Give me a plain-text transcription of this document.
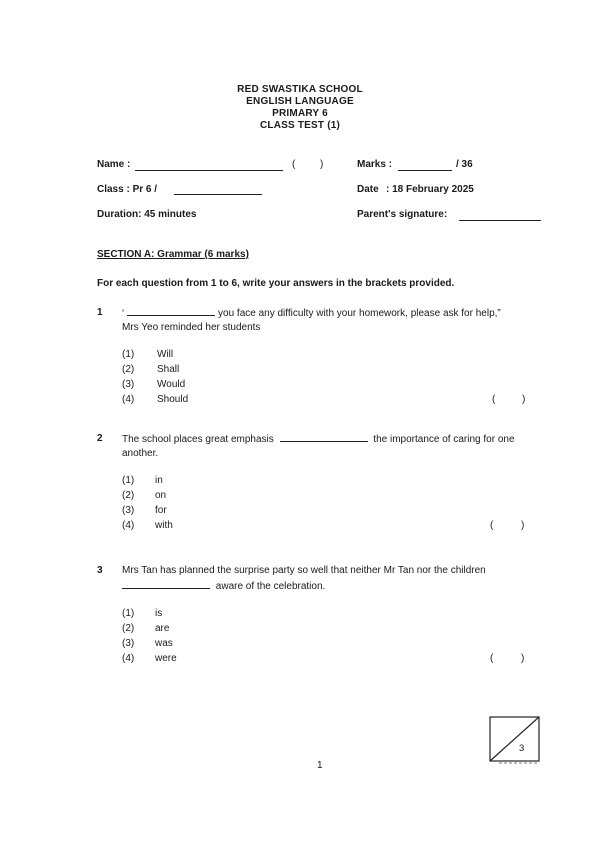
RED SWASTIKA SCHOOL
ENGLISH LANGUAGE
PRIMARY 6
CLASS TEST (1)
Name :	( )	Marks :	/ 36
Class : Pr 6 /	Date : 18 February 2025
Duration: 45 minutes	Parent's signature:
SECTION A: Grammar (6 marks)
For each question from 1 to 6, write your answers in the brackets provided.
1 ‘	you face any difficulty with your homework, please ask for help,”
Mrs Yeo reminded her students
(1) Will
(2) Shall
(3) Would
(4) Should	(	)
2 The school places great emphasis	the importance of caring for one
another.
(1) in
(2) on
(3) for
(4) with	(	)
3 Mrs Tan has planned the surprise party so well that neither Mr Tan nor the children
aware of the celebration.
(1) is
(2) are
(3) was
(4) were	(	)
3
1
